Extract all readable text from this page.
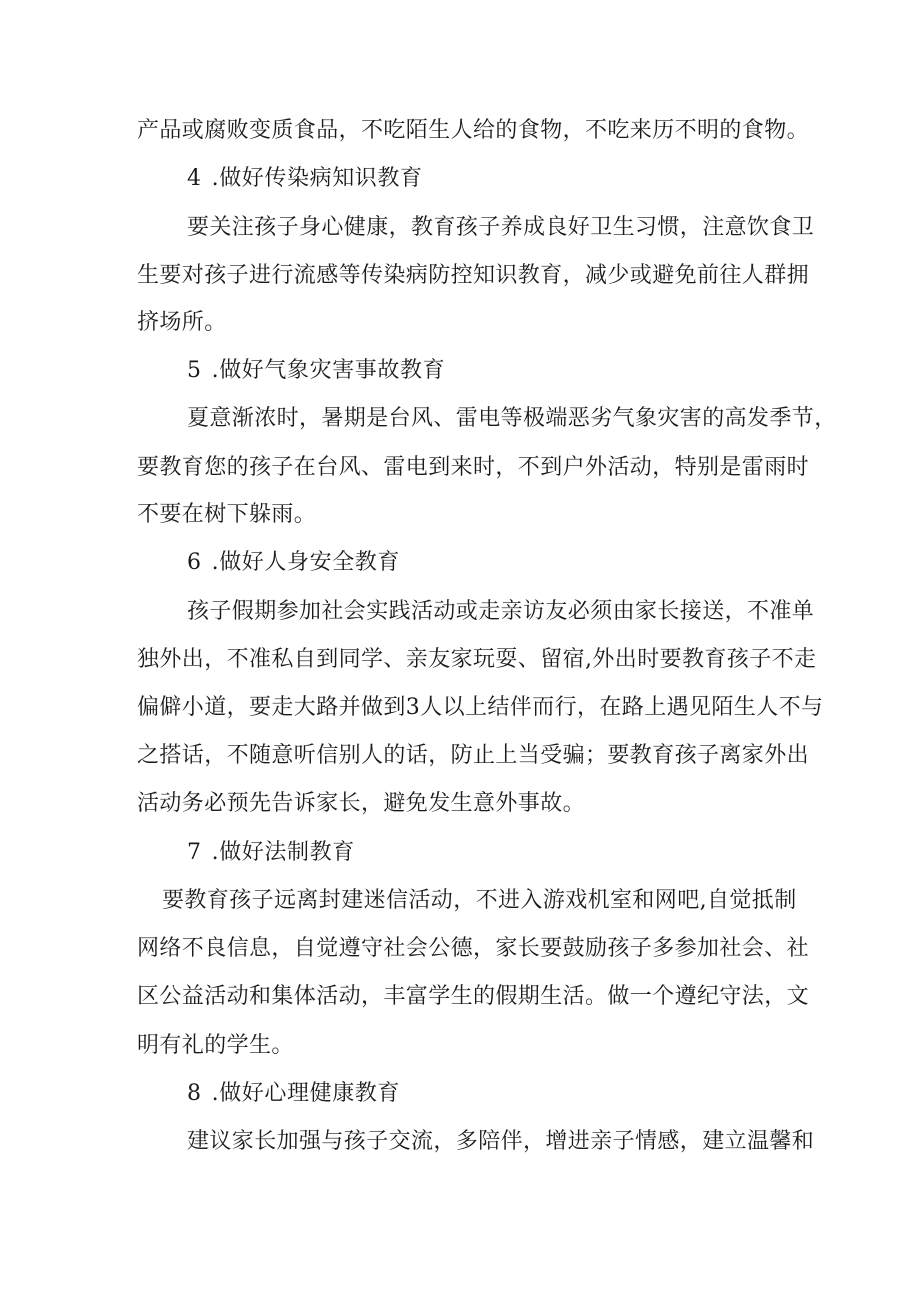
产品或腐败变质食品，不吃陌生人给的食物，不吃来历不明的食物。
4 .做好传染病知识教育
要关注孩子身心健康，教育孩子养成良好卫生习惯，注意饮食卫
生要对孩子进行流感等传染病防控知识教育，减少或避免前往人群拥
挤场所。
5 .做好气象灾害事故教育
夏意渐浓时，暑期是台风、雷电等极端恶劣气象灾害的高发季节，
要教育您的孩子在台风、雷电到来时，不到户外活动，特别是雷雨时
不要在树下躲雨。
6 .做好人身安全教育
孩子假期参加社会实践活动或走亲访友必须由家长接送，不准单
独外出，不准私自到同学、亲友家玩耍、留宿,外出时要教育孩子不走
偏僻小道，要走大路并做到3人以上结伴而行，在路上遇见陌生人不与
之搭话，不随意听信别人的话，防止上当受骗；要教育孩子离家外出
活动务必预先告诉家长，避免发生意外事故。
7 .做好法制教育
要教育孩子远离封建迷信活动，不进入游戏机室和网吧,自觉抵制
网络不良信息，自觉遵守社会公德，家长要鼓励孩子多参加社会、社
区公益活动和集体活动，丰富学生的假期生活。做一个遵纪守法，文
明有礼的学生。
8 .做好心理健康教育
建议家长加强与孩子交流，多陪伴，增进亲子情感，建立温馨和
